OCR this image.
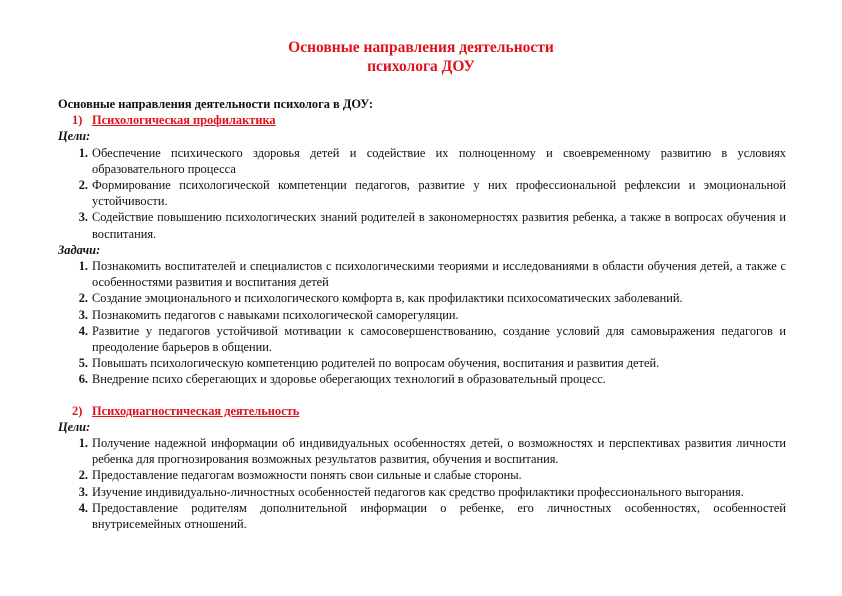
Основные направления деятельности
психолога ДОУ

Основные направления деятельности психолога в ДОУ:

1) Психологическая профилактика

Цели:

1. Обеспечение психического здоровья детей и содействие их полноценному и своевременному развитию в условиях образовательного процесса
2. Формирование психологической компетенции педагогов, развитие у них профессиональной рефлексии и эмоциональной устойчивости.
3. Содействие повышению психологических знаний родителей в закономерностях развития ребенка, а также в вопросах обучения и воспитания.

Задачи:

1. Познакомить воспитателей и специалистов с психологическими теориями и исследованиями в области обучения детей, а также с особенностями развития и воспитания детей
2. Создание эмоционального и психологического комфорта в, как профилактики психосоматических заболеваний.
3. Познакомить педагогов с навыками психологической саморегуляции.
4. Развитие у педагогов устойчивой мотивации к самосовершенствованию, создание условий для самовыражения педагогов и преодоление барьеров в общении.
5. Повышать психологическую компетенцию родителей по вопросам обучения, воспитания и развития детей.
6. Внедрение психо сберегающих и здоровье оберегающих технологий в образовательный процесс.

2) Психодиагностическая деятельность

Цели:

1. Получение надежной информации об индивидуальных особенностях детей, о возможностях и перспективах развития личности ребенка для прогнозирования возможных результатов развития, обучения и воспитания.
2. Предоставление педагогам возможности понять свои сильные и слабые стороны.
3. Изучение индивидуально-личностных особенностей педагогов как средство профилактики профессионального выгорания.
4. Предоставление родителям дополнительной информации о ребенке, его личностных особенностях, особенностей внутрисемейных отношений.
